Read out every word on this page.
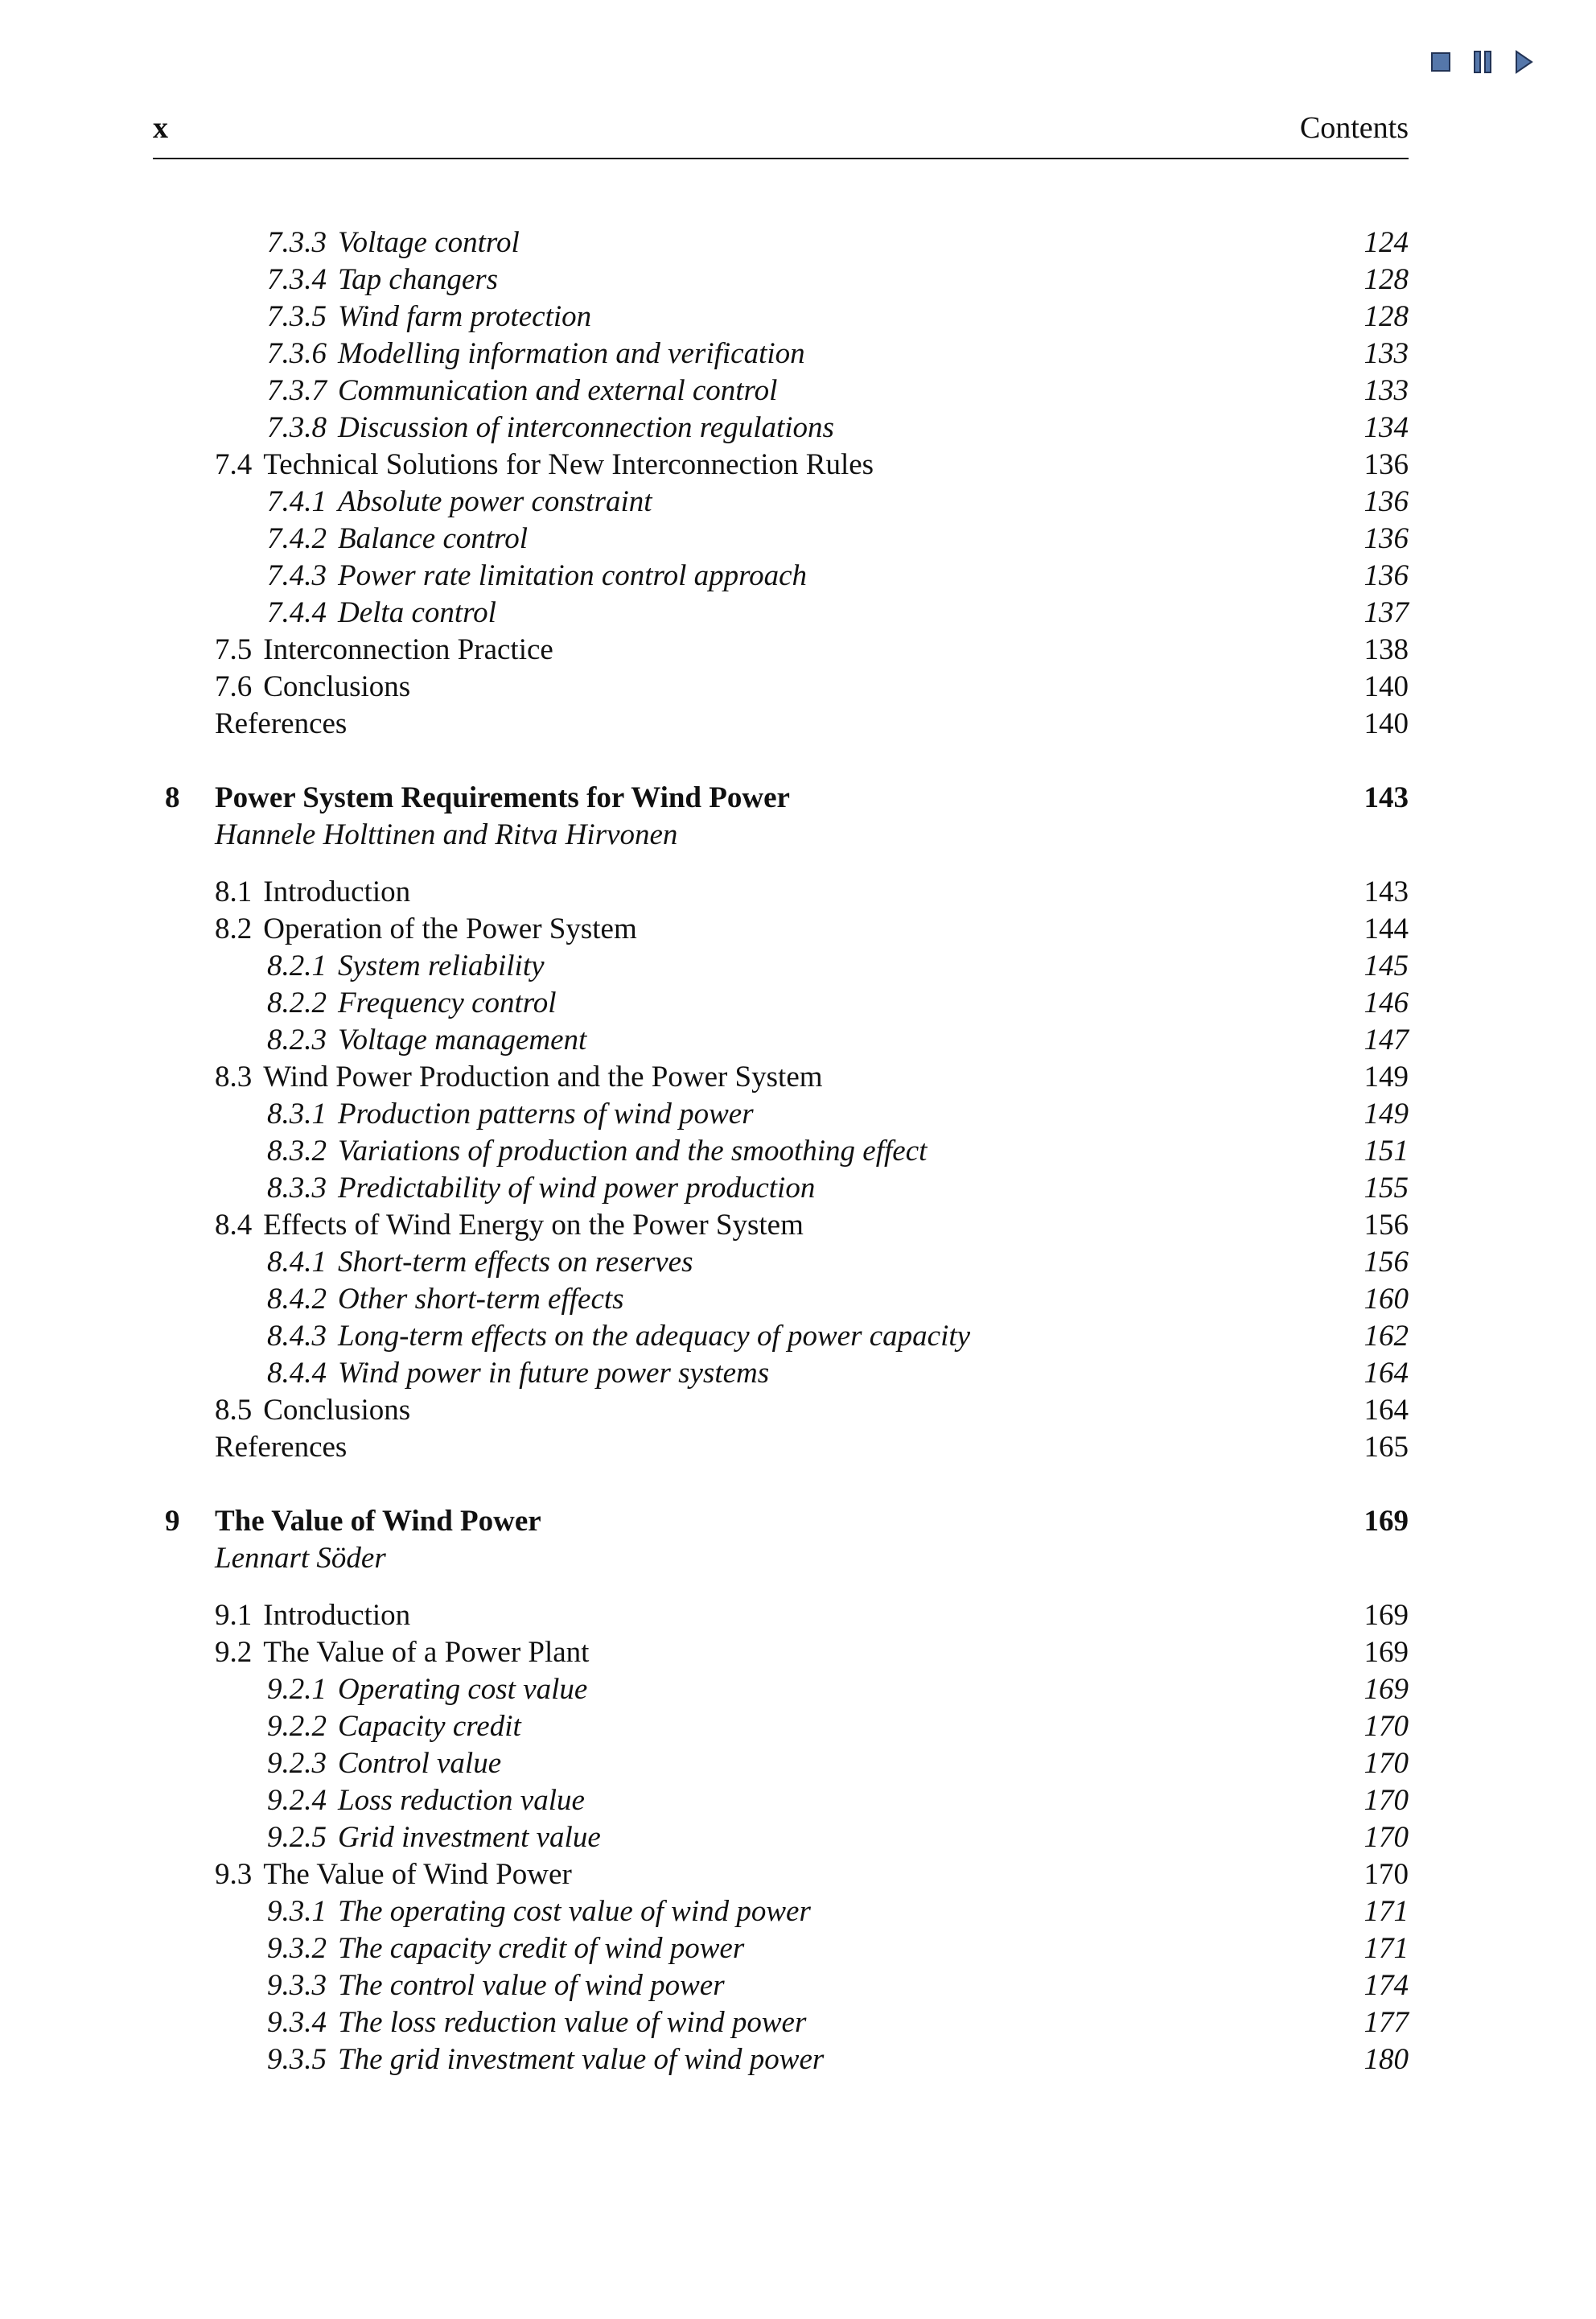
x	Contents
7.3.3 Voltage control	124
7.3.4 Tap changers	128
7.3.5 Wind farm protection	128
7.3.6 Modelling information and verification	133
7.3.7 Communication and external control	133
7.3.8 Discussion of interconnection regulations	134
7.4 Technical Solutions for New Interconnection Rules	136
7.4.1 Absolute power constraint	136
7.4.2 Balance control	136
7.4.3 Power rate limitation control approach	136
7.4.4 Delta control	137
7.5 Interconnection Practice	138
7.6 Conclusions	140
References	140
8 Power System Requirements for Wind Power	143
Hannele Holttinen and Ritva Hirvonen
8.1 Introduction	143
8.2 Operation of the Power System	144
8.2.1 System reliability	145
8.2.2 Frequency control	146
8.2.3 Voltage management	147
8.3 Wind Power Production and the Power System	149
8.3.1 Production patterns of wind power	149
8.3.2 Variations of production and the smoothing effect	151
8.3.3 Predictability of wind power production	155
8.4 Effects of Wind Energy on the Power System	156
8.4.1 Short-term effects on reserves	156
8.4.2 Other short-term effects	160
8.4.3 Long-term effects on the adequacy of power capacity	162
8.4.4 Wind power in future power systems	164
8.5 Conclusions	164
References	165
9 The Value of Wind Power	169
Lennart Söder
9.1 Introduction	169
9.2 The Value of a Power Plant	169
9.2.1 Operating cost value	169
9.2.2 Capacity credit	170
9.2.3 Control value	170
9.2.4 Loss reduction value	170
9.2.5 Grid investment value	170
9.3 The Value of Wind Power	170
9.3.1 The operating cost value of wind power	171
9.3.2 The capacity credit of wind power	171
9.3.3 The control value of wind power	174
9.3.4 The loss reduction value of wind power	177
9.3.5 The grid investment value of wind power	180
